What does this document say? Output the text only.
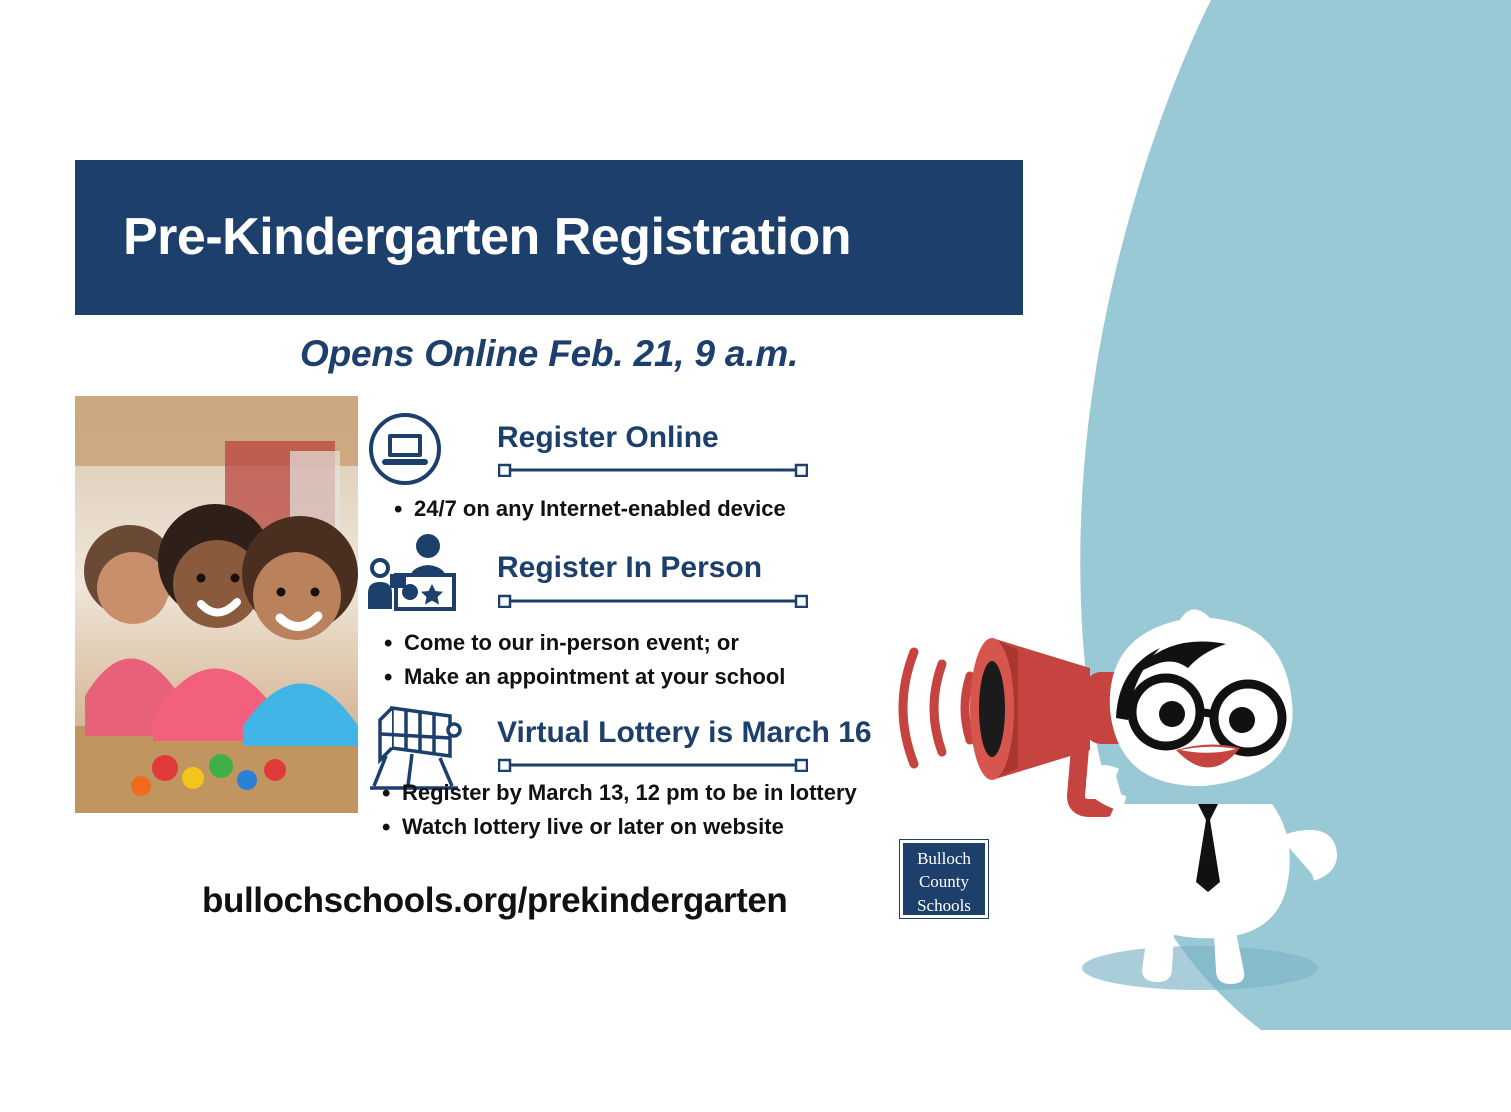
Pre-Kindergarten Registration
Opens Online Feb. 21, 9 a.m.
Register Online
• 24/7 on any Internet-enabled device
Register In Person
• Come to our in-person event; or
• Make an appointment at your school
Virtual Lottery is March 16
• Register by March 13, 12 pm to be in lottery
• Watch lottery live or later on website
bullochschools.org/prekindergarten
Bulloch
County
Schools
